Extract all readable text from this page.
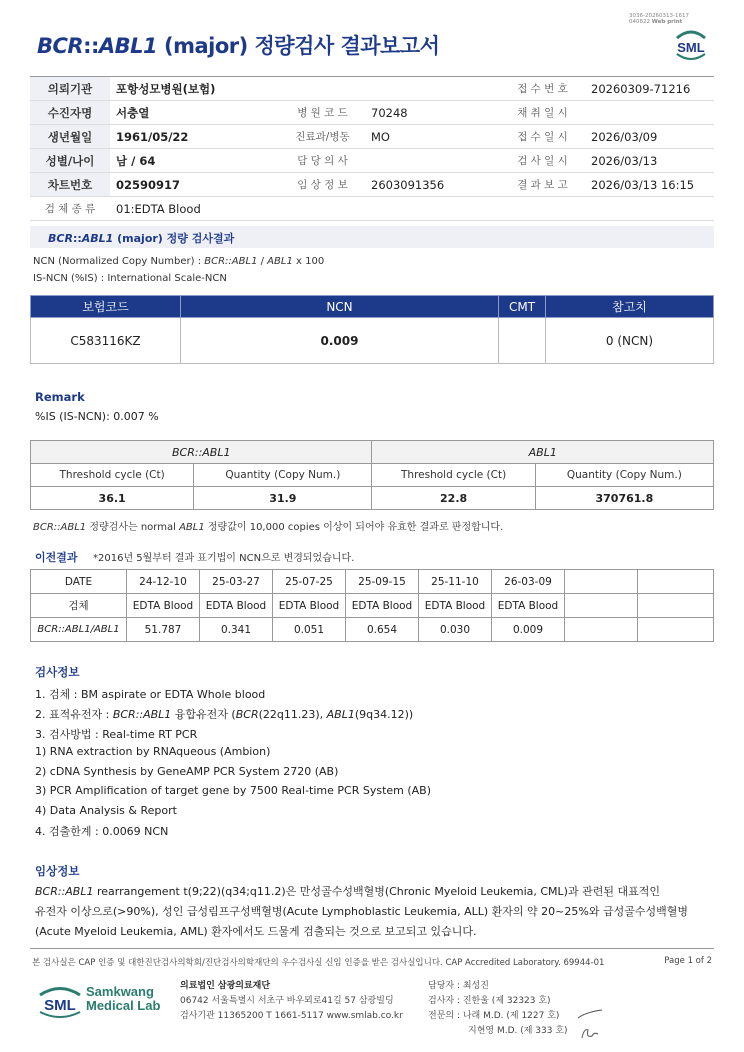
BCR::ABL1 (major) 정량검사 결과보고서
3036-20260313-1617
040822 Web print
SML
의뢰기관	포항성모병원(보험)			접 수 번 호	20260309-71216
수진자명	서충열	병 원 코 드	70248	채 취 일 시	
생년월일	1961/05/22	진료과/병동	MO	접 수 일 시	2026/03/09
성별/나이	남 / 64	담 당 의 사		검 사 일 시	2026/03/13
차트번호	02590917	임 상 정 보	2603091356	결 과 보 고	2026/03/13 16:15
검 체 종 류	01:EDTA Blood				
BCR::ABL1 (major) 정량 검사결과
NCN (Normalized Copy Number) : BCR::ABL1 / ABL1 x 100
IS-NCN (%IS) : International Scale-NCN
보험코드	NCN	CMT	참고치
C583116KZ	0.009		0 (NCN)
Remark
%IS (IS-NCN): 0.007 %
BCR::ABL1		ABL1	
Threshold cycle (Ct)	Quantity (Copy Num.)	Threshold cycle (Ct)	Quantity (Copy Num.)
36.1	31.9	22.8	370761.8
BCR::ABL1 정량검사는 normal ABL1 정량값이 10,000 copies 이상이 되어야 유효한 결과로 판정합니다.
이전결과 *2016년 5월부터 결과 표기법이 NCN으로 변경되었습니다.
DATE	24-12-10	25-03-27	25-07-25	25-09-15	25-11-10	26-03-09		
검체	EDTA Blood	EDTA Blood	EDTA Blood	EDTA Blood	EDTA Blood	EDTA Blood		
BCR::ABL1/ABL1	51.787	0.341	0.051	0.654	0.030	0.009		
검사정보
1. 검체 : BM aspirate or EDTA Whole blood
2. 표적유전자 : BCR::ABL1 융합유전자 (BCR(22q11.23), ABL1(9q34.12))
3. 검사방법 : Real-time RT PCR
1) RNA extraction by RNAqueous (Ambion)
2) cDNA Synthesis by GeneAMP PCR System 2720 (AB)
3) PCR Amplification of target gene by 7500 Real-time PCR System (AB)
4) Data Analysis & Report
4. 검출한계 : 0.0069 NCN
임상정보
BCR::ABL1 rearrangement t(9;22)(q34;q11.2)은 만성골수성백혈병(Chronic Myeloid Leukemia, CML)과 관련된 대표적인
유전자 이상으로(>90%), 성인 급성림프구성백혈병(Acute Lymphoblastic Leukemia, ALL) 환자의 약 20~25%와 급성골수성백혈병
(Acute Myeloid Leukemia, AML) 환자에서도 드물게 검출되는 것으로 보고되고 있습니다.
본 검사실은 CAP 인증 및 대한진단검사의학회/진단검사의학재단의 우수검사실 신임 인증을 받은 검사실입니다. CAP Accredited Laboratory. 69944-01	Page 1 of 2
SML
Samkwang
Medical Lab
의료법인 삼광의료재단
06742 서울특별시 서초구 바우뫼로41길 57 삼광빌딩
검사기관 11365200 T 1661-5117 www.smlab.co.kr
담당자 : 최성진
검사자 : 진한울 (제 32323 호)
전문의 : 나래 M.D. (제 1227 호)
지현영 M.D. (제 333 호)
